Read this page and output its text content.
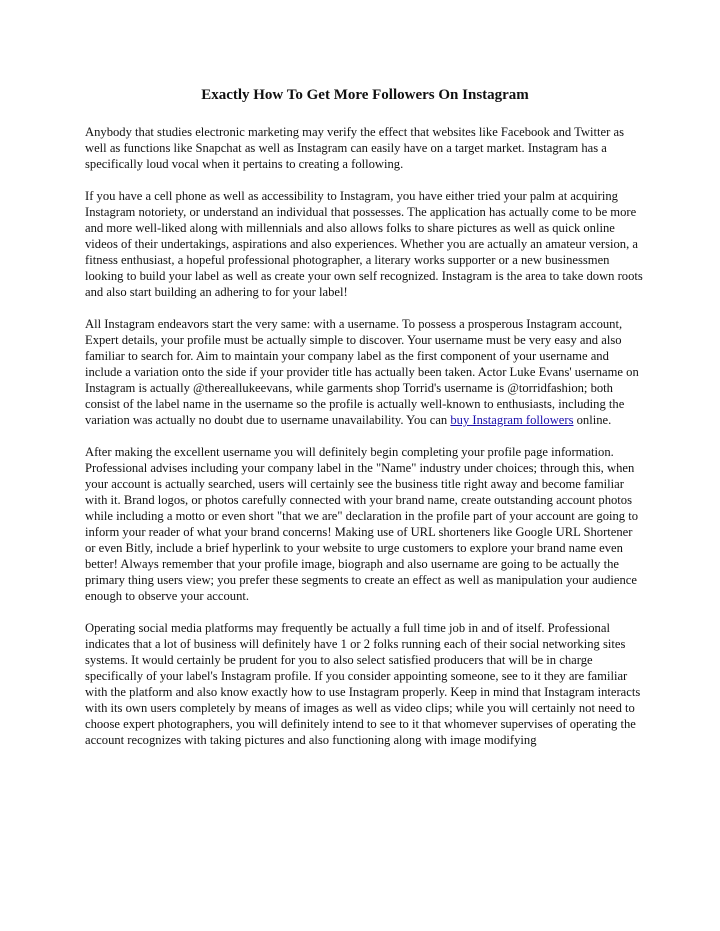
Exactly How To Get More Followers On Instagram

Anybody that studies electronic marketing may verify the effect that websites like Facebook and Twitter as well as functions like Snapchat as well as Instagram can easily have on a target market. Instagram has a specifically loud vocal when it pertains to creating a following.

If you have a cell phone as well as accessibility to Instagram, you have either tried your palm at acquiring Instagram notoriety, or understand an individual that possesses. The application has actually come to be more and more well-liked along with millennials and also allows folks to share pictures as well as quick online videos of their undertakings, aspirations and also experiences. Whether you are actually an amateur version, a fitness enthusiast, a hopeful professional photographer, a literary works supporter or a new businessmen looking to build your label as well as create your own self recognized. Instagram is the area to take down roots and also start building an adhering to for your label!

All Instagram endeavors start the very same: with a username. To possess a prosperous Instagram account, Expert details, your profile must be actually simple to discover. Your username must be very easy and also familiar to search for. Aim to maintain your company label as the first component of your username and include a variation onto the side if your provider title has actually been taken. Actor Luke Evans' username on Instagram is actually @thereallukeevans, while garments shop Torrid's username is @torridfashion; both consist of the label name in the username so the profile is actually well-known to enthusiasts, including the variation was actually no doubt due to username unavailability. You can buy Instagram followers online.

After making the excellent username you will definitely begin completing your profile page information. Professional advises including your company label in the "Name" industry under choices; through this, when your account is actually searched, users will certainly see the business title right away and become familiar with it. Brand logos, or photos carefully connected with your brand name, create outstanding account photos while including a motto or even short "that we are" declaration in the profile part of your account are going to inform your reader of what your brand concerns! Making use of URL shorteners like Google URL Shortener or even Bitly, include a brief hyperlink to your website to urge customers to explore your brand name even better! Always remember that your profile image, biograph and also username are going to be actually the primary thing users view; you prefer these segments to create an effect as well as manipulation your audience enough to observe your account.

Operating social media platforms may frequently be actually a full time job in and of itself. Professional indicates that a lot of business will definitely have 1 or 2 folks running each of their social networking sites systems. It would certainly be prudent for you to also select satisfied producers that will be in charge specifically of your label's Instagram profile. If you consider appointing someone, see to it they are familiar with the platform and also know exactly how to use Instagram properly. Keep in mind that Instagram interacts with its own users completely by means of images as well as video clips; while you will certainly not need to choose expert photographers, you will definitely intend to see to it that whomever supervises of operating the account recognizes with taking pictures and also functioning along with image modifying
